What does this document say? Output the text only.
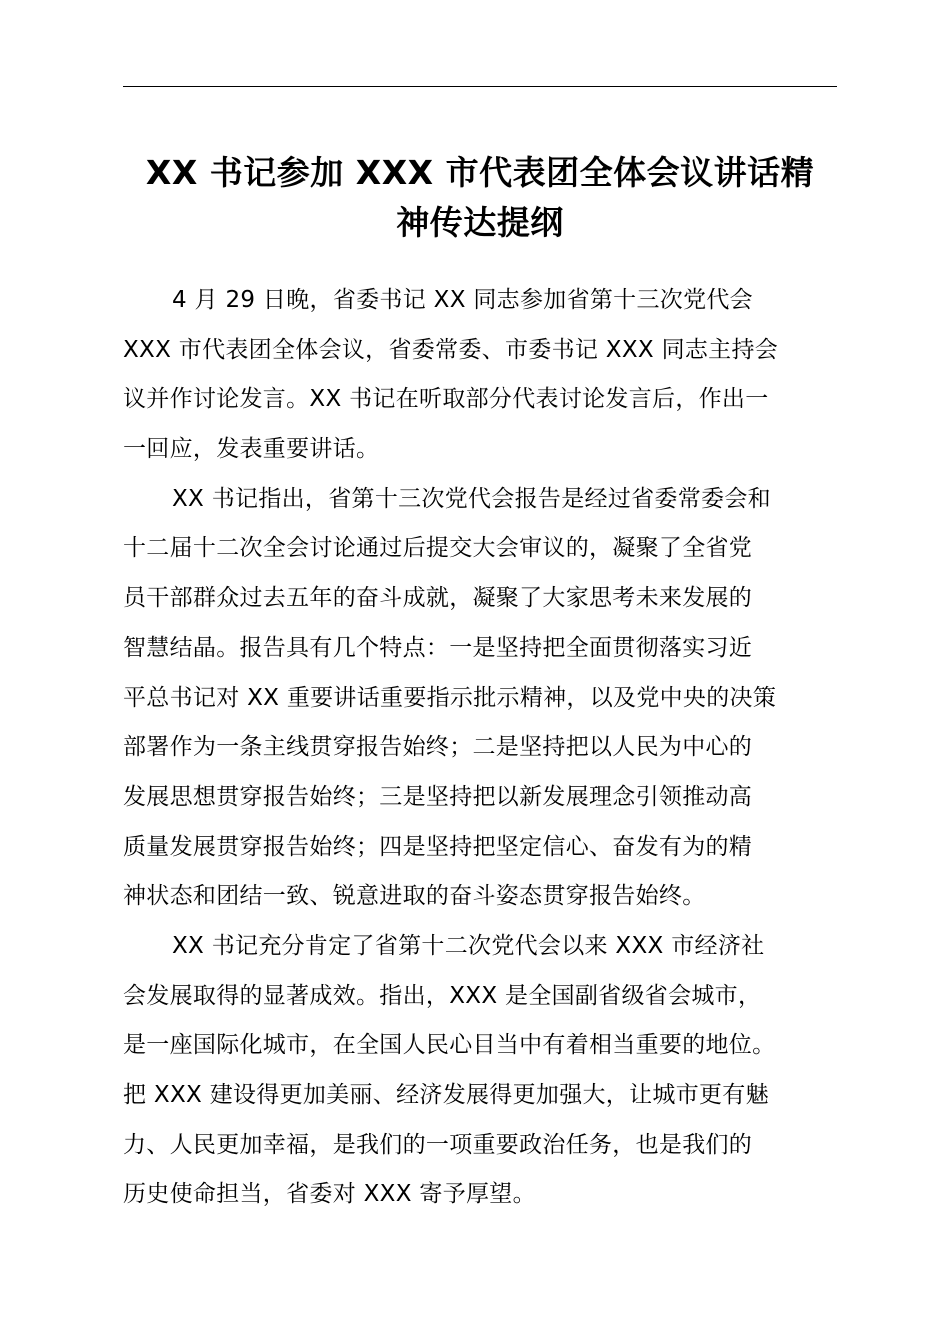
XX 书记参加 XXX 市代表团全体会议讲话精
神传达提纲

4 月 29 日晚，省委书记 XX 同志参加省第十三次党代会
XXX 市代表团全体会议，省委常委、市委书记 XXX 同志主持会
议并作讨论发言。XX 书记在听取部分代表讨论发言后，作出一
一回应，发表重要讲话。

XX 书记指出，省第十三次党代会报告是经过省委常委会和
十二届十二次全会讨论通过后提交大会审议的，凝聚了全省党
员干部群众过去五年的奋斗成就，凝聚了大家思考未来发展的
智慧结晶。报告具有几个特点：一是坚持把全面贯彻落实习近
平总书记对 XX 重要讲话重要指示批示精神，以及党中央的决策
部署作为一条主线贯穿报告始终；二是坚持把以人民为中心的
发展思想贯穿报告始终；三是坚持把以新发展理念引领推动高
质量发展贯穿报告始终；四是坚持把坚定信心、奋发有为的精
神状态和团结一致、锐意进取的奋斗姿态贯穿报告始终。

XX 书记充分肯定了省第十二次党代会以来 XXX 市经济社
会发展取得的显著成效。指出，XXX 是全国副省级省会城市，
是一座国际化城市，在全国人民心目当中有着相当重要的地位。
把 XXX 建设得更加美丽、经济发展得更加强大，让城市更有魅
力、人民更加幸福，是我们的一项重要政治任务，也是我们的
历史使命担当，省委对 XXX 寄予厚望。
